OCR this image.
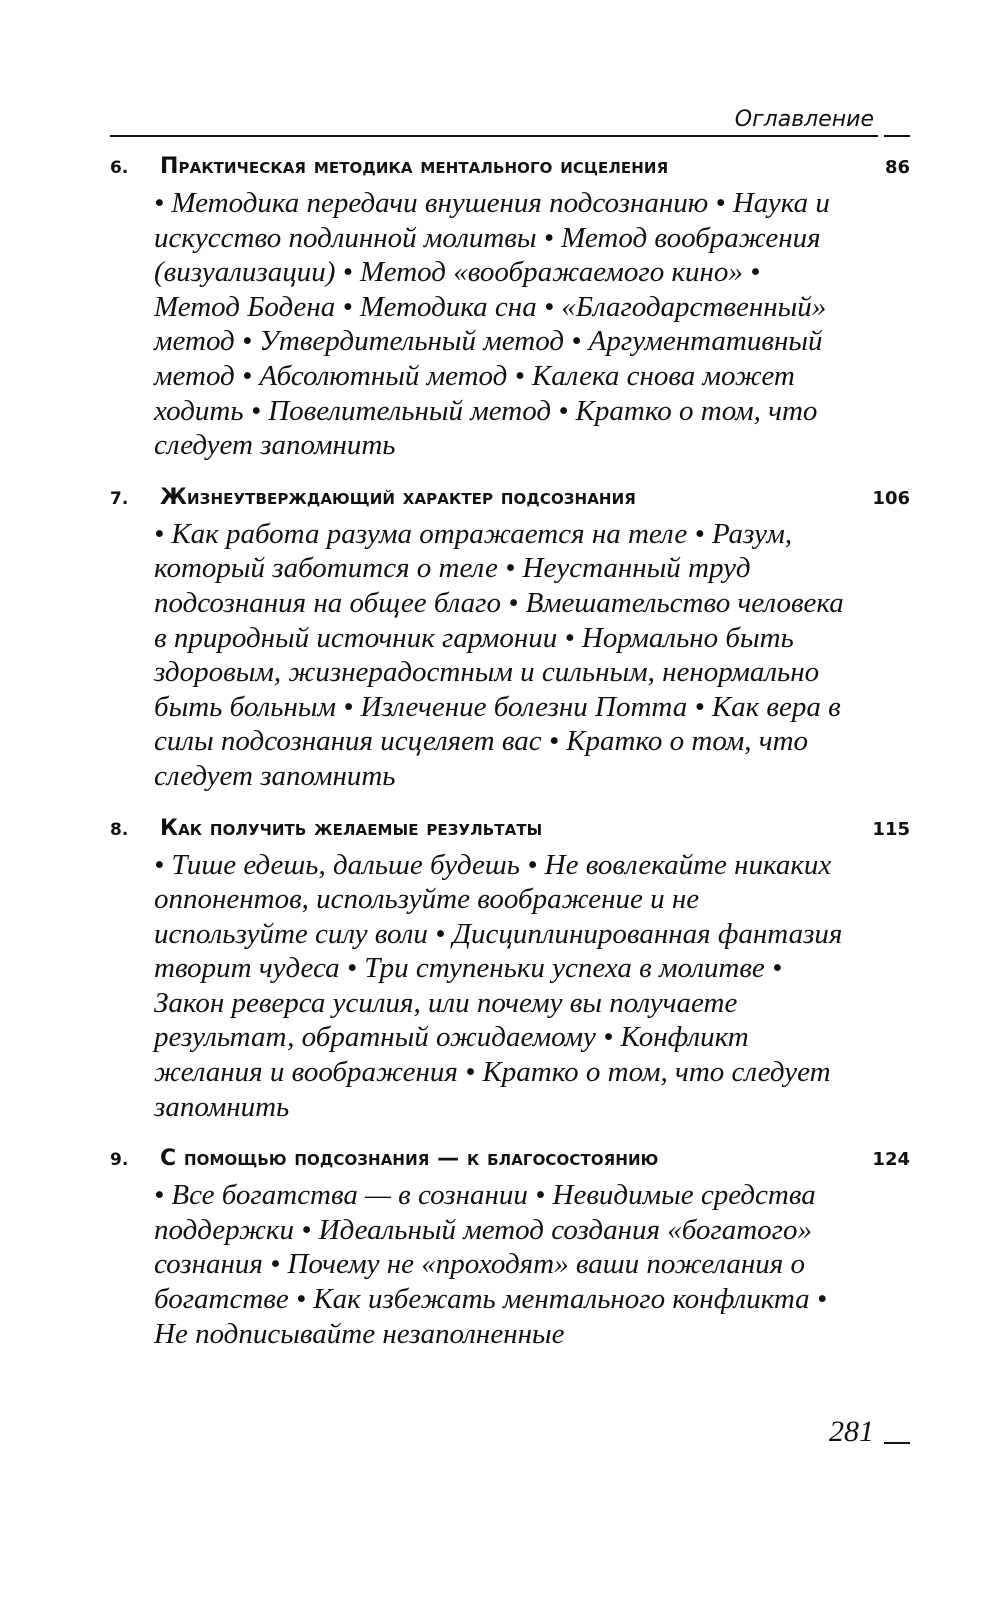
Оглавление
6. Практическая методика ментального исцеления	86
• Методика передачи внушения подсознанию • Наука и искусство подлинной молитвы • Метод воображения (визуализации) • Метод «воображаемого кино» • Метод Бодена • Методика сна • «Благодарственный» метод • Утвердительный метод • Аргументативный метод • Абсолютный метод • Калека снова может ходить • Повелительный метод • Кратко о том, что следует запомнить
7. Жизнеутверждающий характер подсознания	106
• Как работа разума отражается на теле • Разум, который заботится о теле • Неустанный труд подсознания на общее благо • Вмешательство человека в природный источник гармонии • Нормально быть здоровым, жизнерадостным и сильным, ненормально быть больным • Излечение болезни Потта • Как вера в силы подсознания исцеляет вас • Кратко о том, что следует запомнить
8. Как получить желаемые результаты	115
• Тише едешь, дальше будешь • Не вовлекайте никаких оппонентов, используйте воображение и не используйте силу воли • Дисциплинированная фантазия творит чудеса • Три ступеньки успеха в молитве • Закон реверса усилия, или почему вы получаете результат, обратный ожидаемому • Конфликт желания и воображения • Кратко о том, что следует запомнить
9. С помощью подсознания — к благосостоянию	124
• Все богатства — в сознании • Невидимые средства поддержки • Идеальный метод создания «богатого» сознания • Почему не «проходят» ваши пожелания о богатстве • Как избежать ментального конфликта • Не подписывайте незаполненные
281
